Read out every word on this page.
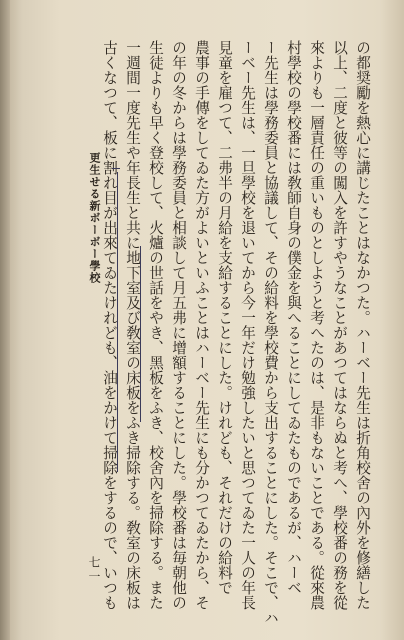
更生せる新ボーボー學校
七一	の都奨勵を熱心に講じたことはなかつた。ハーベー先生は折角校舍の內外を修繕した
以上、二度と彼等の闖入を許すやうなことがあつてはならぬと考へ、學校番の務を從
來よりも一層責任の重いものとしようと考へたのは、是非もないことである。從來農
村學校の學校番には敎師自身の僕金を與へることにしてゐたものであるが、ハーベ
ー先生は學務委員と協議して、その給料を學校費から支出することにした。そこで、ハ
ーベー先生は、一旦學校を退いてから今一年だけ勉強したいと思つてゐた一人の年長
見童を雇つて、二弗半の月給を支給することにした。けれども、それだけの給料で
農事の手傳をしてゐた方がよいといふことはハーベー先生にも分かつてゐたから、そ
の年の冬からは學務委員と相談して月五弗に增額することにした。學校番は毎朝他の
生徒よりも早く登校して、火爐の世話をやき、黑板をふき、校舍內を掃除する。また
一週間一度先生や年長生と共に地下室及び敎室の床板をふき掃除する。敎室の床板は
古くなつて、板に割れ目が出來てゐたけれども、油をかけて掃除をするので、いつも
